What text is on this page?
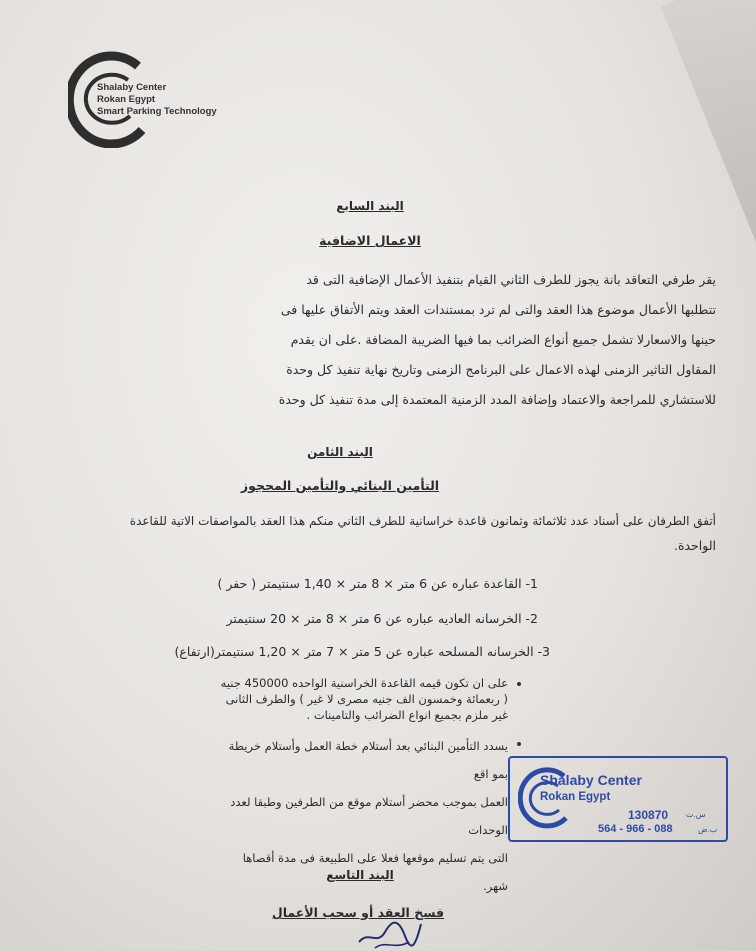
Shalaby Center
Rokan Egypt
Smart Parking Technology
البند السابع
الاعمال الاضافية
يقر طرفي التعاقد بانة يجوز للطرف الثاني القيام بتنفيذ الأعمال الإضافية التى قد
تتطلبها الأعمال موضوع هذا العقد والتى لم ترد بمستندات العقد ويتم الأتفاق عليها فى
حينها والاسعارلا تشمل جميع أنواع الضرائب بما فيها الضريبة المضافة .على ان يقدم
المقاول التاثير الزمنى لهذه الاعمال على البرنامج الزمنى وتاريخ نهاية تنفيذ كل وحدة
للاستشاري للمراجعة والاعتماد وإضافة المدد الزمنية المعتمدة إلى مدة تنفيذ كل وحدة
البند الثامن
التأمين البنائي والتأمين المحجوز
أتفق الطرفان على أسناد عدد ثلاثمائة وثمانون قاعدة خراسانية للطرف الثاني منكم هذا العقد بالمواصفات الاتية للقاعدة
الواحدة.
1- القاعدة عباره عن 6 متر × 8 متر × 1,40 سنتيمتر ( حفر )
2- الخرسانه العاديه عباره عن 6 متر × 8 متر × 20 سنتيمتر
3- الخرسانه المسلحه عباره عن 5 متر × 7 متر × 1,20 سنتيمتر(ارتفاع)
على ان تكون قيمه القاعدة الخراسنية الواحده 450000 جنيه ( ربعمائة وخمسون الف جنيه مصرى لا غير ) والطرف الثانى غير ملزم بجميع انواع الضرائب والتامينات .
يسدد التأمين البنائي بعد أستلام خطة العمل وأستلام خريطة بمو اقع
العمل بموجب محضر أستلام موقع من الطرفين وطبقا لعدد الوحدات
التى يتم تسليم موقعها فعلا على الطبيعة فى مدة أقصاها شهر.
Shalaby Center
Rokan Egypt
130870 س.ت
564 - 966 - 088	ب.ض
البند التاسع
فسخ العقد أو سحب الأعمال
